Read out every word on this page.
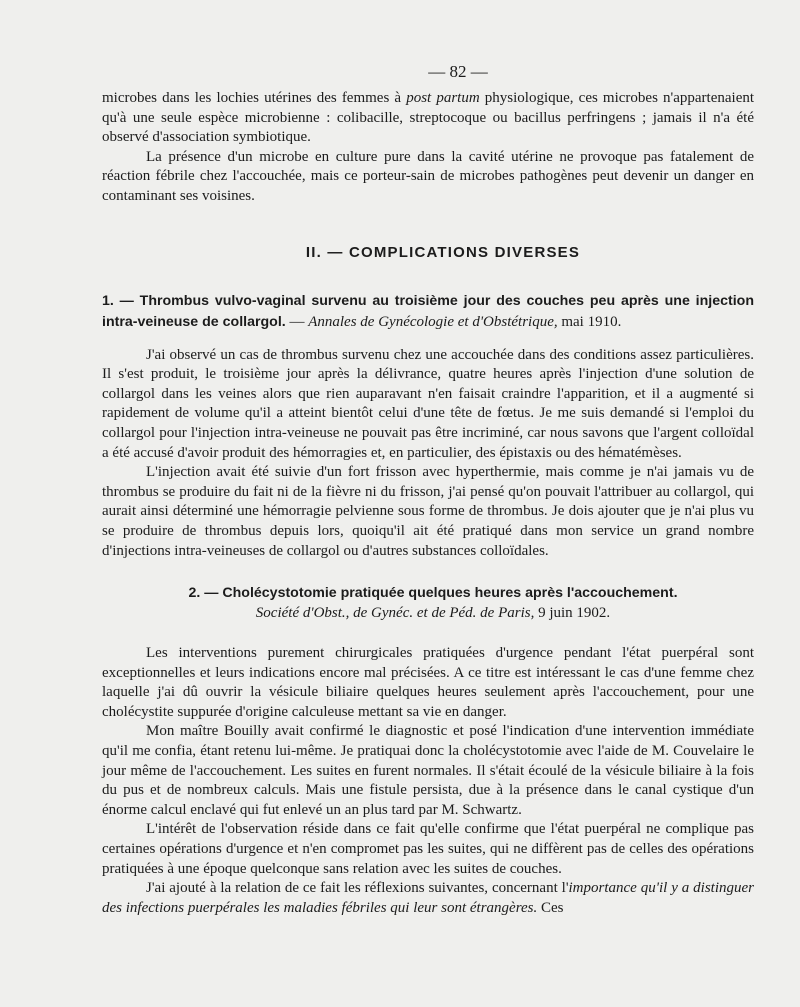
— 82 —

microbes dans les lochies utérines des femmes à post partum physiologique, ces microbes n'appartenaient qu'à une seule espèce microbienne : colibacille, streptocoque ou bacillus perfringens ; jamais il n'a été observé d'association symbiotique.

La présence d'un microbe en culture pure dans la cavité utérine ne provoque pas fatalement de réaction fébrile chez l'accouchée, mais ce porteur-sain de microbes pathogènes peut devenir un danger en contaminant ses voisines.

II. — COMPLICATIONS DIVERSES
1. — Thrombus vulvo-vaginal survenu au troisième jour des couches peu après une injection intra-veineuse de collargol. — Annales de Gynécologie et d'Obstétrique, mai 1910.

J'ai observé un cas de thrombus survenu chez une accouchée dans des conditions assez particulières. Il s'est produit, le troisième jour après la délivrance, quatre heures après l'injection d'une solution de collargol dans les veines alors que rien auparavant n'en faisait craindre l'apparition, et il a augmenté si rapidement de volume qu'il a atteint bientôt celui d'une tête de fœtus. Je me suis demandé si l'emploi du collargol pour l'injection intra-veineuse ne pouvait pas être incriminé, car nous savons que l'argent colloïdal a été accusé d'avoir produit des hémorragies et, en particulier, des épistaxis ou des hématémèses.

L'injection avait été suivie d'un fort frisson avec hyperthermie, mais comme je n'ai jamais vu de thrombus se produire du fait ni de la fièvre ni du frisson, j'ai pensé qu'on pouvait l'attribuer au collargol, qui aurait ainsi déterminé une hémorragie pelvienne sous forme de thrombus. Je dois ajouter que je n'ai plus vu se produire de thrombus depuis lors, quoiqu'il ait été pratiqué dans mon service un grand nombre d'injections intra-veineuses de collargol ou d'autres substances colloïdales.

2. — Cholécystotomie pratiquée quelques heures après l'accouchement.
Société d'Obst., de Gynéc. et de Péd. de Paris, 9 juin 1902.

Les interventions purement chirurgicales pratiquées d'urgence pendant l'état puerpéral sont exceptionnelles et leurs indications encore mal précisées. A ce titre est intéressant le cas d'une femme chez laquelle j'ai dû ouvrir la vésicule biliaire quelques heures seulement après l'accouchement, pour une cholécystite suppurée d'origine calculeuse mettant sa vie en danger.

Mon maître Bouilly avait confirmé le diagnostic et posé l'indication d'une intervention immédiate qu'il me confia, étant retenu lui-même. Je pratiquai donc la cholécystotomie avec l'aide de M. Couvelaire le jour même de l'accouchement. Les suites en furent normales. Il s'était écoulé de la vésicule biliaire à la fois du pus et de nombreux calculs. Mais une fistule persista, due à la présence dans le canal cystique d'un énorme calcul enclavé qui fut enlevé un an plus tard par M. Schwartz.

L'intérêt de l'observation réside dans ce fait qu'elle confirme que l'état puerpéral ne complique pas certaines opérations d'urgence et n'en compromet pas les suites, qui ne diffèrent pas de celles des opérations pratiquées à une époque quelconque sans relation avec les suites de couches.

J'ai ajouté à la relation de ce fait les réflexions suivantes, concernant l'importance qu'il y a distinguer des infections puerpérales les maladies fébriles qui leur sont étrangères. Ces
